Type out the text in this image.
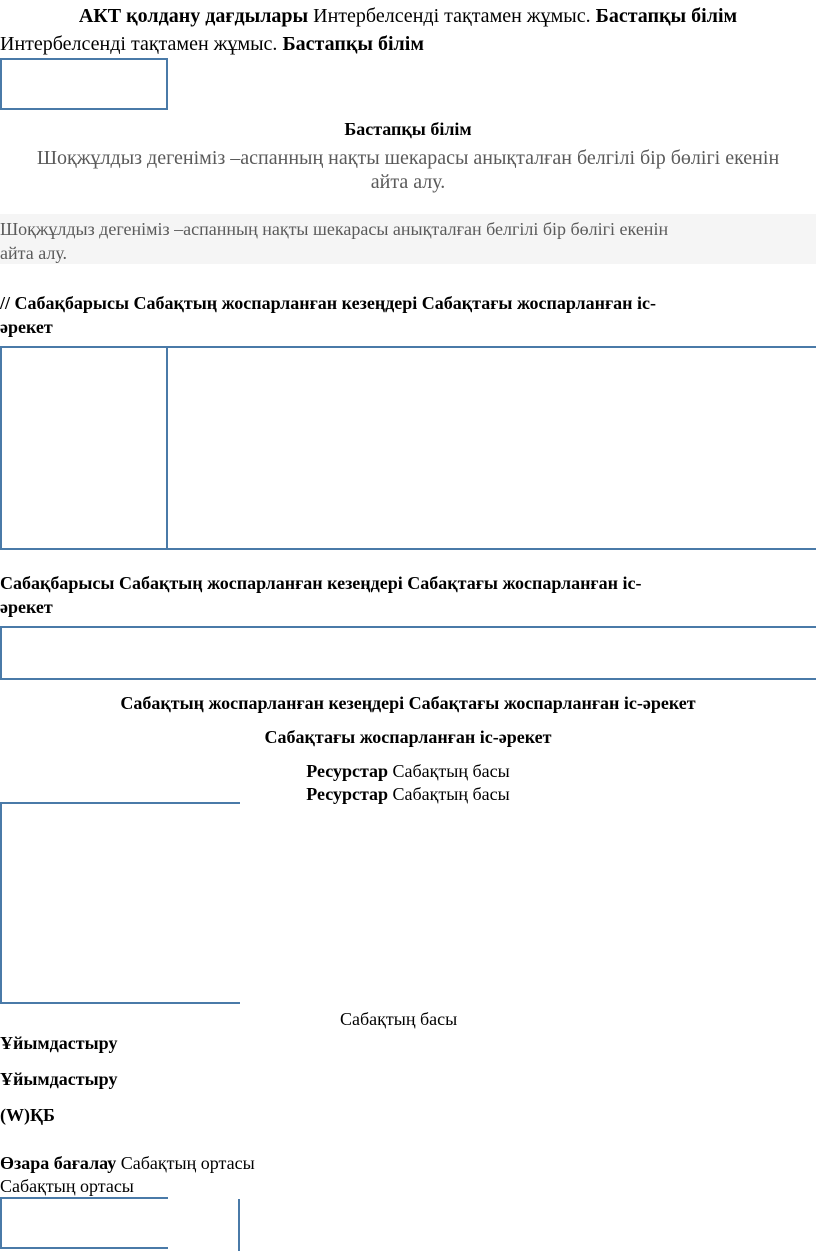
АКТ қолдану дағдылары Интербелсенді тақтамен жұмыс. Бастапқы білім
Интербелсенді тақтамен жұмыс. Бастапқы білім
Бастапқы білім
Шоқжұлдыз дегеніміз –аспанның нақты шекарасы анықталған белгілі бір бөлігі екенін
айта алу.
Шоқжұлдыз дегеніміз –аспанның нақты шекарасы анықталған белгілі бір бөлігі екенін
айта алу.
// Сабақбарысы Сабақтың жоспарланған кезеңдері Сабақтағы жоспарланған іс-
әрекет
Сабақбарысы Сабақтың жоспарланған кезеңдері Сабақтағы жоспарланған іс-
әрекет
Сабақтың жоспарланған кезеңдері Сабақтағы жоспарланған іс-әрекет
Сабақтағы жоспарланған іс-әрекет
Ресурстар Сабақтың басы
Ресурстар Сабақтың басы
Сабақтың басы
Ұйымдастыру
Ұйымдастыру
(W)ҚБ
Өзара бағалау Сабақтың ортасы
Сабақтың ортасы
